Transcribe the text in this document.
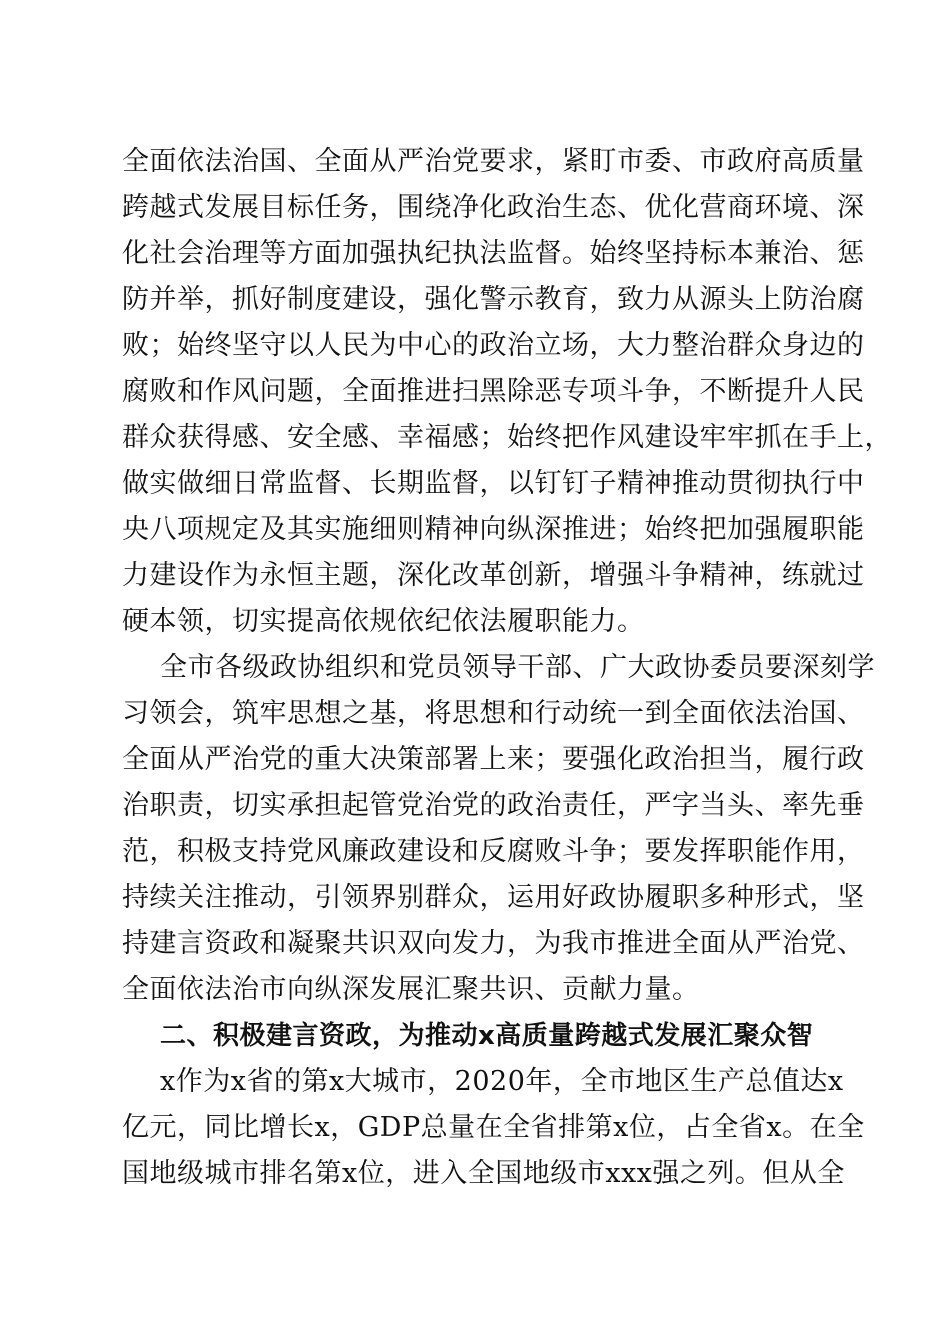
全面依法治国、全面从严治党要求，紧盯市委、市政府高质量
跨越式发展目标任务，围绕净化政治生态、优化营商环境、深
化社会治理等方面加强执纪执法监督。始终坚持标本兼治、惩
防并举，抓好制度建设，强化警示教育，致力从源头上防治腐
败；始终坚守以人民为中心的政治立场，大力整治群众身边的
腐败和作风问题，全面推进扫黑除恶专项斗争，不断提升人民
群众获得感、安全感、幸福感；始终把作风建设牢牢抓在手上，
做实做细日常监督、长期监督，以钉钉子精神推动贯彻执行中
央八项规定及其实施细则精神向纵深推进；始终把加强履职能
力建设作为永恒主题，深化改革创新，增强斗争精神，练就过
硬本领，切实提高依规依纪依法履职能力。
全市各级政协组织和党员领导干部、广大政协委员要深刻学
习领会，筑牢思想之基，将思想和行动统一到全面依法治国、
全面从严治党的重大决策部署上来；要强化政治担当，履行政
治职责，切实承担起管党治党的政治责任，严字当头、率先垂
范，积极支持党风廉政建设和反腐败斗争；要发挥职能作用，
持续关注推动，引领界别群众，运用好政协履职多种形式，坚
持建言资政和凝聚共识双向发力，为我市推进全面从严治党、
全面依法治市向纵深发展汇聚共识、贡献力量。
二、积极建言资政，为推动x高质量跨越式发展汇聚众智
x作为x省的第x大城市，2020年，全市地区生产总值达x
亿元，同比增长x，GDP总量在全省排第x位，占全省x。在全
国地级城市排名第x位，进入全国地级市xxx强之列。但从全
